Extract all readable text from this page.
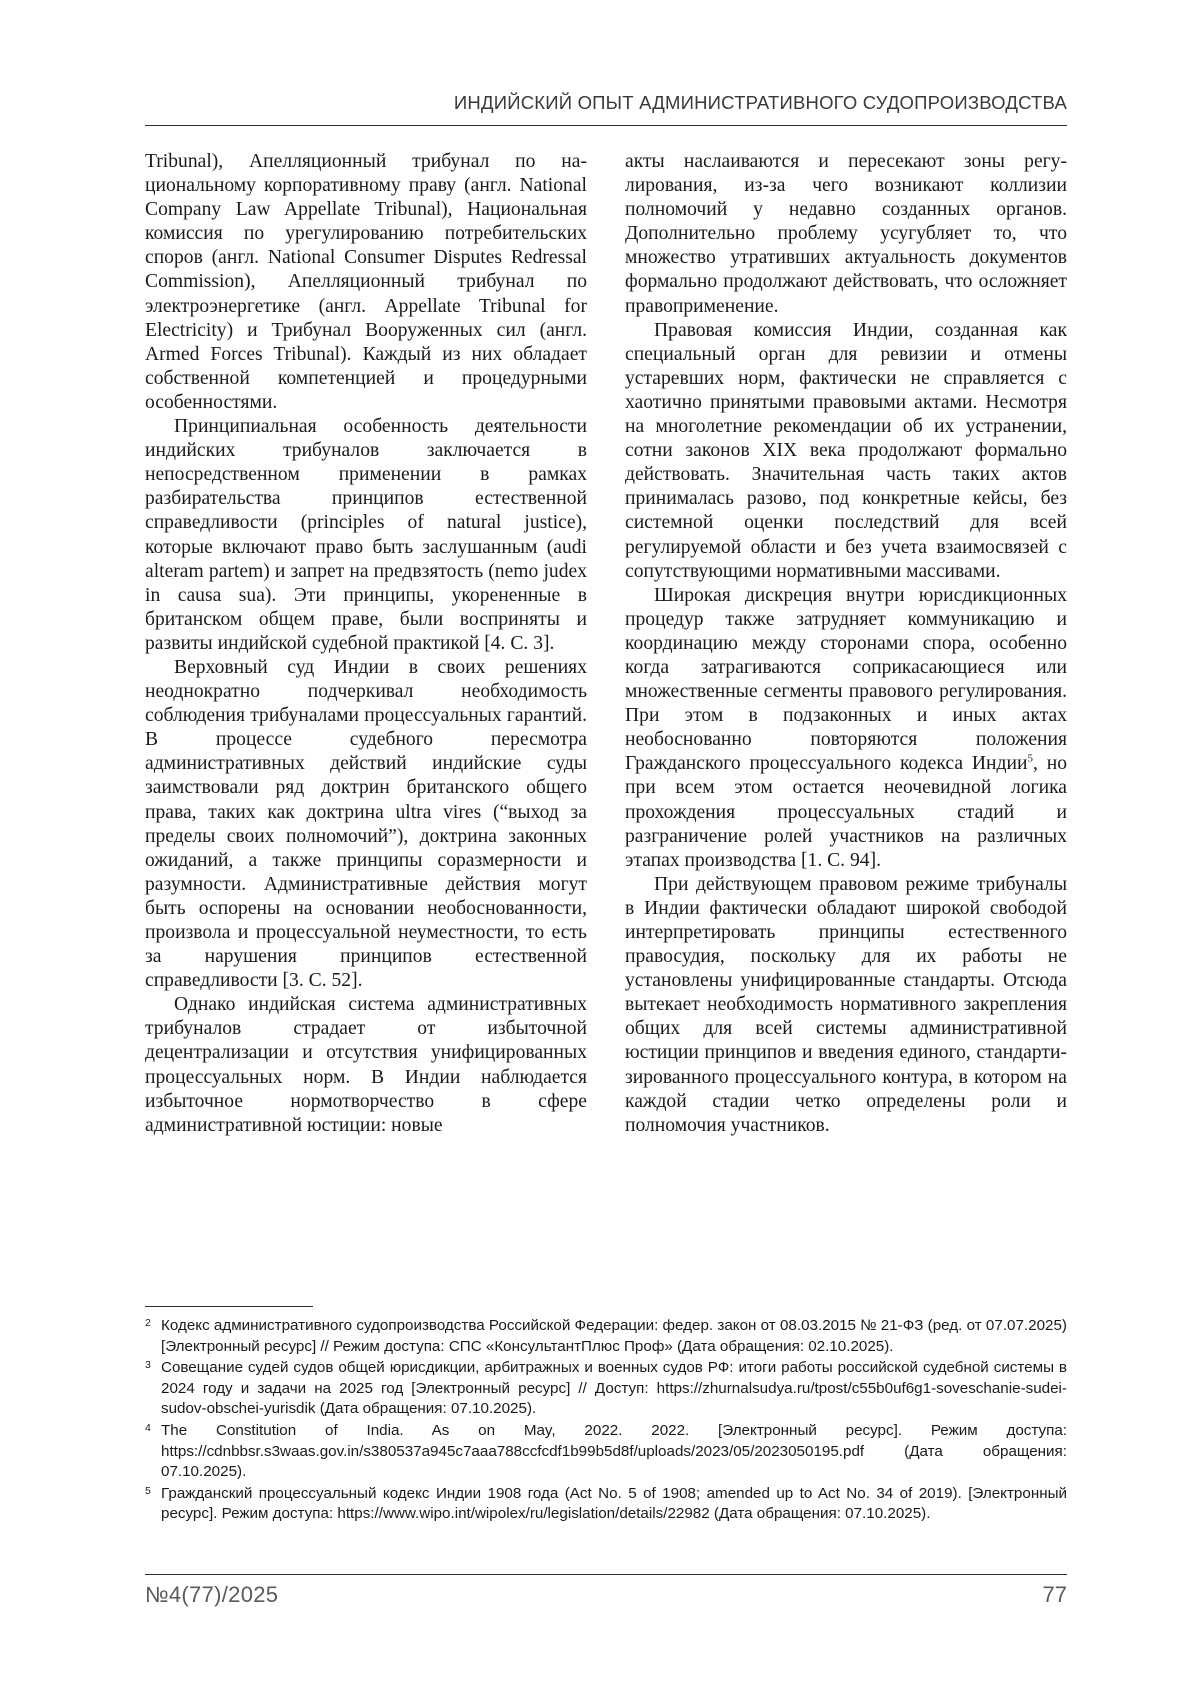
ИНДИЙСКИЙ ОПЫТ АДМИНИСТРАТИВНОГО СУДОПРОИЗВОДСТВА

Tribunal), Апелляционный трибунал по национальному корпоративному праву (англ. National Company Law Appellate Tribunal), Национальная комиссия по урегулированию потребительских споров (англ. National Consumer Disputes Redressal Commission), Апелляционный трибунал по электроэнергетике (англ. Appellate Tribunal for Electricity) и Трибунал Вооруженных сил (англ. Armed Forces Tribunal). Каждый из них обладает собственной компетенцией и процедурными особенностями.

Принципиальная особенность деятельности индийских трибуналов заключается в непосредственном применении в рамках разбирательства принципов естественной справедливости (principles of natural justice), которые включают право быть заслушанным (audi alteram partem) и запрет на предвзятость (nemo judex in causa sua). Эти принципы, укорененные в британском общем праве, были восприняты и развиты индийской судебной практикой [4. С. 3].

Верховный суд Индии в своих решениях неоднократно подчеркивал необходимость соблюдения трибуналами процессуальных гарантий. В процессе судебного пересмотра административных действий индийские суды заимствовали ряд доктрин британского общего права, таких как доктрина ultra vires (“выход за пределы своих полномочий”), доктрина законных ожиданий, а также принципы соразмерности и разумности. Административные действия могут быть оспорены на основании необоснованности, произвола и процессуальной неуместности, то есть за нарушения принципов естественной справедливости [3. С. 52].

Однако индийская система административных трибуналов страдает от избыточной децентрализации и отсутствия унифицированных процессуальных норм. В Индии наблюдается избыточное нормотворчество в сфере административной юстиции: новые

акты наслаиваются и пересекают зоны регулирования, из-за чего возникают коллизии полномочий у недавно созданных органов. Дополнительно проблему усугубляет то, что множество утративших актуальность документов формально продолжают действовать, что осложняет правоприменение.

Правовая комиссия Индии, созданная как специальный орган для ревизии и отмены устаревших норм, фактически не справляется с хаотично принятыми правовыми актами. Несмотря на многолетние рекомендации об их устранении, сотни законов XIX века продолжают формально действовать. Значительная часть таких актов принималась разово, под конкретные кейсы, без системной оценки последствий для всей регулируемой области и без учета взаимосвязей с сопутствующими нормативными массивами.

Широкая дискреция внутри юрисдикционных процедур также затрудняет коммуникацию и координацию между сторонами спора, особенно когда затрагиваются соприкасающиеся или множественные сегменты правового регулирования. При этом в подзаконных и иных актах необоснованно повторяются положения Гражданского процессуального кодекса Индии$^5$, но при всем этом остается неочевидной логика прохождения процессуальных стадий и разграничение ролей участников на различных этапах производства [1. С. 94].

При действующем правовом режиме трибуналы в Индии фактически обладают широкой свободой интерпретировать принципы естественного правосудия, поскольку для их работы не установлены унифицированные стандарты. Отсюда вытекает необходимость нормативного закрепления общих для всей системы административной юстиции принципов и введения единого, стандартизированного процессуального контура, в котором на каждой стадии четко определены роли и полномочия участников.

2 Кодекс административного судопроизводства Российской Федерации: федер. закон от 08.03.2015 № 21-ФЗ (ред. от 07.07.2025) [Электронный ресурс] // Режим доступа: СПС «КонсультантПлюс Проф» (Дата обращения: 02.10.2025).
3 Совещание судей судов общей юрисдикции, арбитражных и военных судов РФ: итоги работы российской судебной системы в 2024 году и задачи на 2025 год [Электронный ресурс] // Доступ: https://zhurnalsudya.ru/tpost/c55b0uf6g1-soveschanie-sudei-sudov-obschei-yurisdik (Дата обращения: 07.10.2025).
4 The Constitution of India. As on May, 2022. 2022. [Электронный ресурс]. Режим доступа: https://cdnbbsr.s3waas.gov.in/s380537a945c7aaa788ccfcdf1b99b5d8f/uploads/2023/05/2023050195.pdf (Дата обращения: 07.10.2025).
5 Гражданский процессуальный кодекс Индии 1908 года (Act No. 5 of 1908; amended up to Act No. 34 of 2019). [Электронный ресурс]. Режим доступа: https://www.wipo.int/wipolex/ru/legislation/details/22982 (Дата обращения: 07.10.2025).
№4(77)/2025	77
